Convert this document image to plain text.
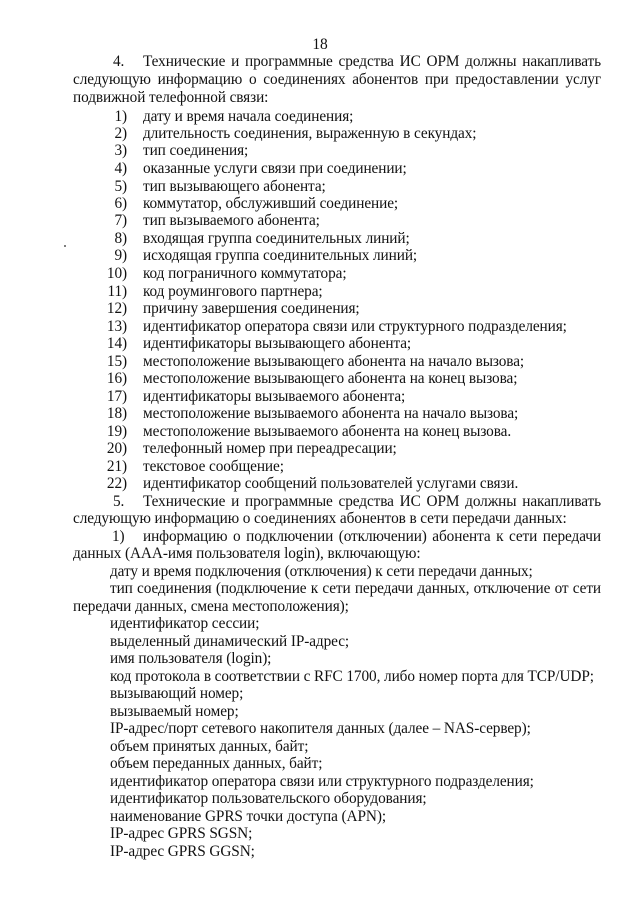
18
4. Технические и программные средства ИС ОРМ должны накапливать
следующую информацию о соединениях абонентов при предоставлении услуг
подвижной телефонной связи:
1) дату и время начала соединения;
2) длительность соединения, выраженную в секундах;
3) тип соединения;
4) оказанные услуги связи при соединении;
5) тип вызывающего абонента;
6) коммутатор, обслуживший соединение;
7) тип вызываемого абонента;
8) входящая группа соединительных линий;
9) исходящая группа соединительных линий;
10) код пограничного коммутатора;
11) код роумингового партнера;
12) причину завершения соединения;
13) идентификатор оператора связи или структурного подразделения;
14) идентификаторы вызывающего абонента;
15) местоположение вызывающего абонента на начало вызова;
16) местоположение вызывающего абонента на конец вызова;
17) идентификаторы вызываемого абонента;
18) местоположение вызываемого абонента на начало вызова;
19) местоположение вызываемого абонента на конец вызова.
20) телефонный номер при переадресации;
21) текстовое сообщение;
22) идентификатор сообщений пользователей услугами связи.
5. Технические и программные средства ИС ОРМ должны накапливать
следующую информацию о соединениях абонентов в сети передачи данных:
1) информацию о подключении (отключении) абонента к сети передачи
данных (ААА-имя пользователя login), включающую:
дату и время подключения (отключения) к сети передачи данных;
тип соединения (подключение к сети передачи данных, отключение от сети
передачи данных, смена местоположения);
идентификатор сессии;
выделенный динамический IP-адрес;
имя пользователя (login);
код протокола в соответствии с RFC 1700, либо номер порта для TCP/UDP;
вызывающий номер;
вызываемый номер;
IP-адрес/порт сетевого накопителя данных (далее – NAS-сервер);
объем принятых данных, байт;
объем переданных данных, байт;
идентификатор оператора связи или структурного подразделения;
идентификатор пользовательского оборудования;
наименование GPRS точки доступа (APN);
IP-адрес GPRS SGSN;
IP-адрес GPRS GGSN;
